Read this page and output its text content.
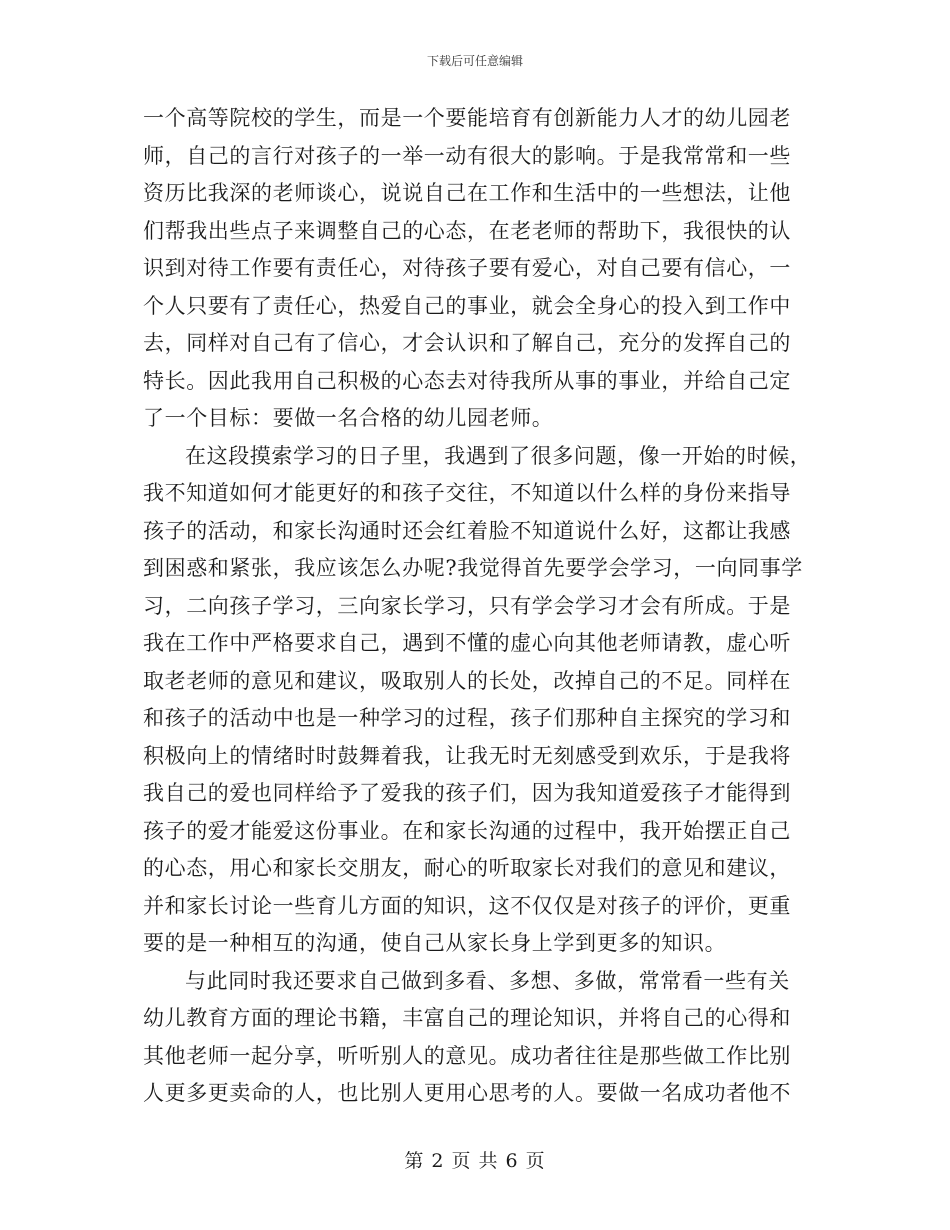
下载后可任意编辑
一个高等院校的学生，而是一个要能培育有创新能力人才的幼儿园老
师，自己的言行对孩子的一举一动有很大的影响。于是我常常和一些
资历比我深的老师谈心，说说自己在工作和生活中的一些想法，让他
们帮我出些点子来调整自己的心态，在老老师的帮助下，我很快的认
识到对待工作要有责任心，对待孩子要有爱心，对自己要有信心，一
个人只要有了责任心，热爱自己的事业，就会全身心的投入到工作中
去，同样对自己有了信心，才会认识和了解自己，充分的发挥自己的
特长。因此我用自己积极的心态去对待我所从事的事业，并给自己定
了一个目标：要做一名合格的幼儿园老师。
在这段摸索学习的日子里，我遇到了很多问题，像一开始的时候，
我不知道如何才能更好的和孩子交往，不知道以什么样的身份来指导
孩子的活动，和家长沟通时还会红着脸不知道说什么好，这都让我感
到困惑和紧张，我应该怎么办呢?我觉得首先要学会学习，一向同事学
习，二向孩子学习，三向家长学习，只有学会学习才会有所成。于是
我在工作中严格要求自己，遇到不懂的虚心向其他老师请教，虚心听
取老老师的意见和建议，吸取别人的长处，改掉自己的不足。同样在
和孩子的活动中也是一种学习的过程，孩子们那种自主探究的学习和
积极向上的情绪时时鼓舞着我，让我无时无刻感受到欢乐，于是我将
我自己的爱也同样给予了爱我的孩子们，因为我知道爱孩子才能得到
孩子的爱才能爱这份事业。在和家长沟通的过程中，我开始摆正自己
的心态，用心和家长交朋友，耐心的听取家长对我们的意见和建议，
并和家长讨论一些育儿方面的知识，这不仅仅是对孩子的评价，更重
要的是一种相互的沟通，使自己从家长身上学到更多的知识。
与此同时我还要求自己做到多看、多想、多做，常常看一些有关
幼儿教育方面的理论书籍，丰富自己的理论知识，并将自己的心得和
其他老师一起分享，听听别人的意见。成功者往往是那些做工作比别
人更多更卖命的人，也比别人更用心思考的人。要做一名成功者他不
第 2 页 共 6 页
